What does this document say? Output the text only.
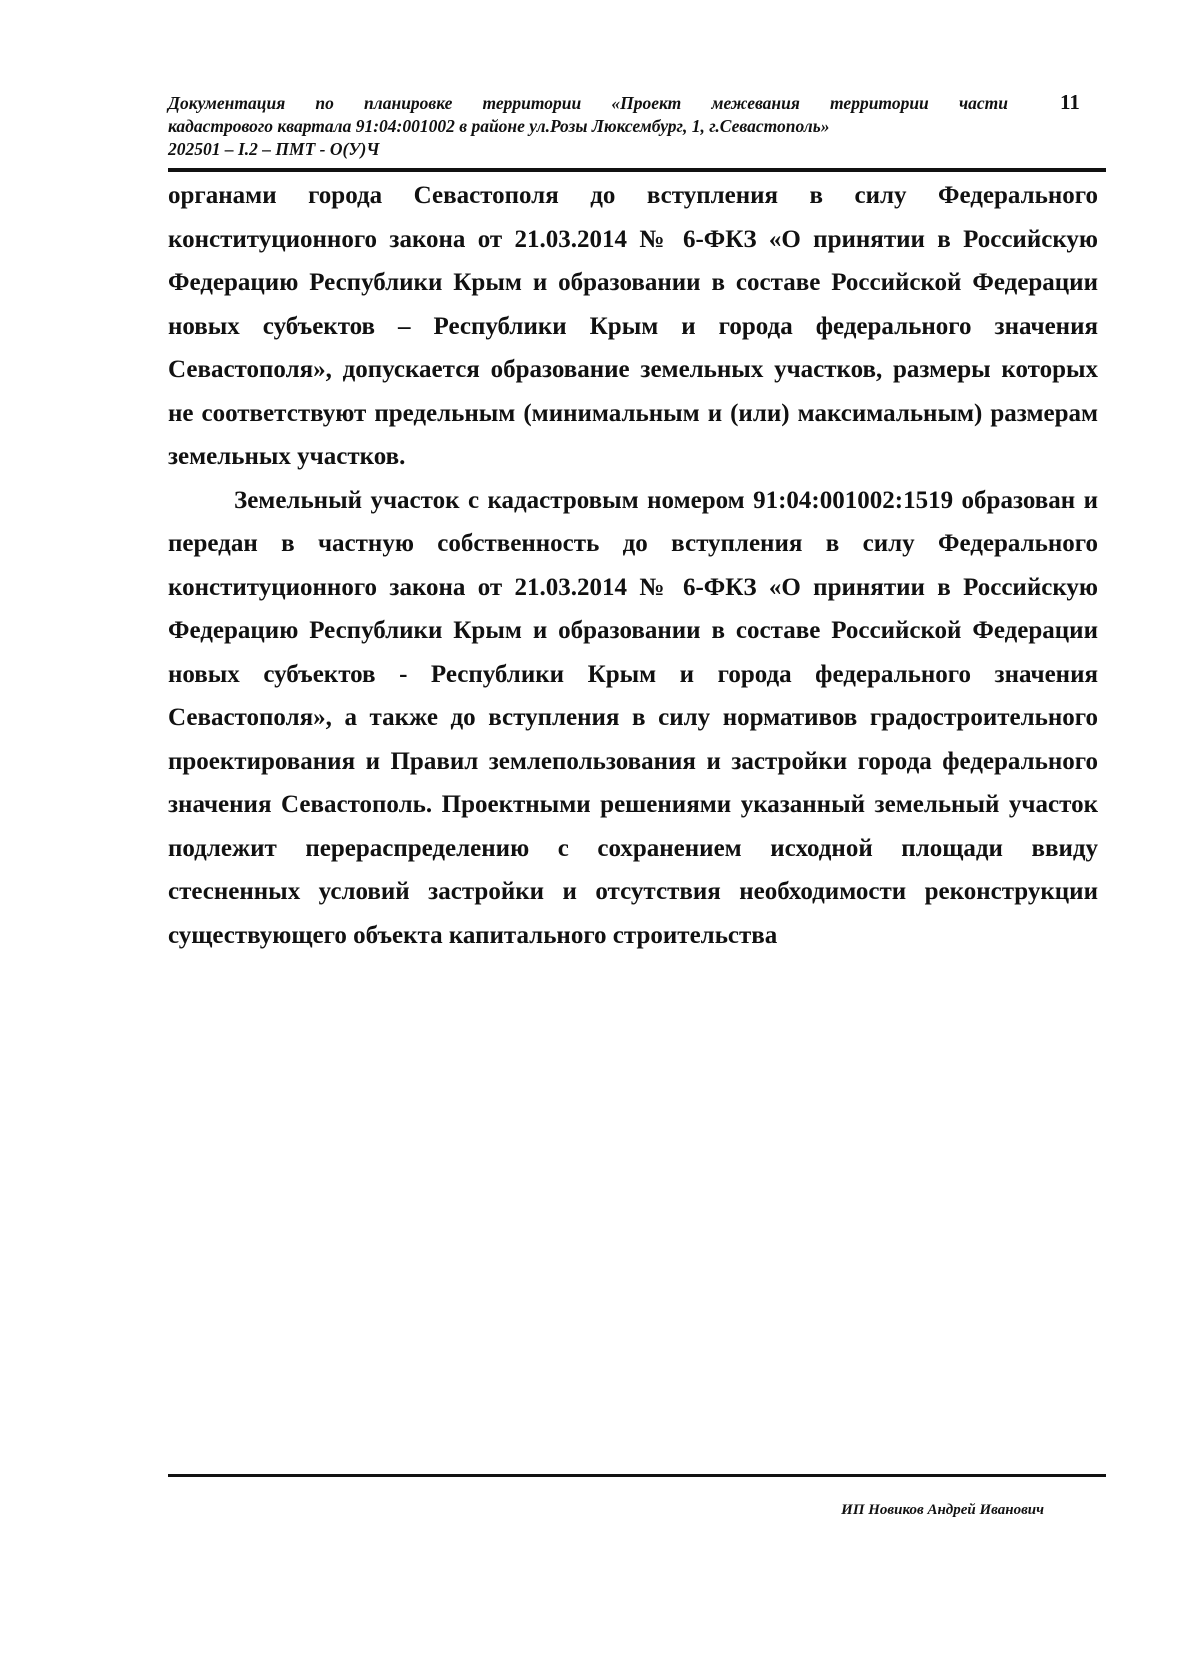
Документация по планировке территории «Проект межевания территории части
кадастрового квартала 91:04:001002 в районе ул.Розы Люксембург, 1, г.Севастополь»
202501 – I.2 – ПМТ - О(У)Ч
11

органами города Севастополя до вступления в силу Федерального конституционного закона от 21.03.2014 № 6-ФКЗ «О принятии в Российскую Федерацию Республики Крым и образовании в составе Российской Федерации новых субъектов – Республики Крым и города федерального значения Севастополя», допускается образование земельных участков, размеры которых не соответствуют предельным (минимальным и (или) максимальным) размерам земельных участков.

Земельный участок с кадастровым номером 91:04:001002:1519 образован и передан в частную собственность до вступления в силу Федерального конституционного закона от 21.03.2014 № 6-ФКЗ «О принятии в Российскую Федерацию Республики Крым и образовании в составе Российской Федерации новых субъектов - Республики Крым и города федерального значения Севастополя», а также до вступления в силу нормативов градостроительного проектирования и Правил землепользования и застройки города федерального значения Севастополь. Проектными решениями указанный земельный участок подлежит перераспределению с сохранением исходной площади ввиду стесненных условий застройки и отсутствия необходимости реконструкции существующего объекта капитального строительства

ИП Новиков Андрей Иванович
